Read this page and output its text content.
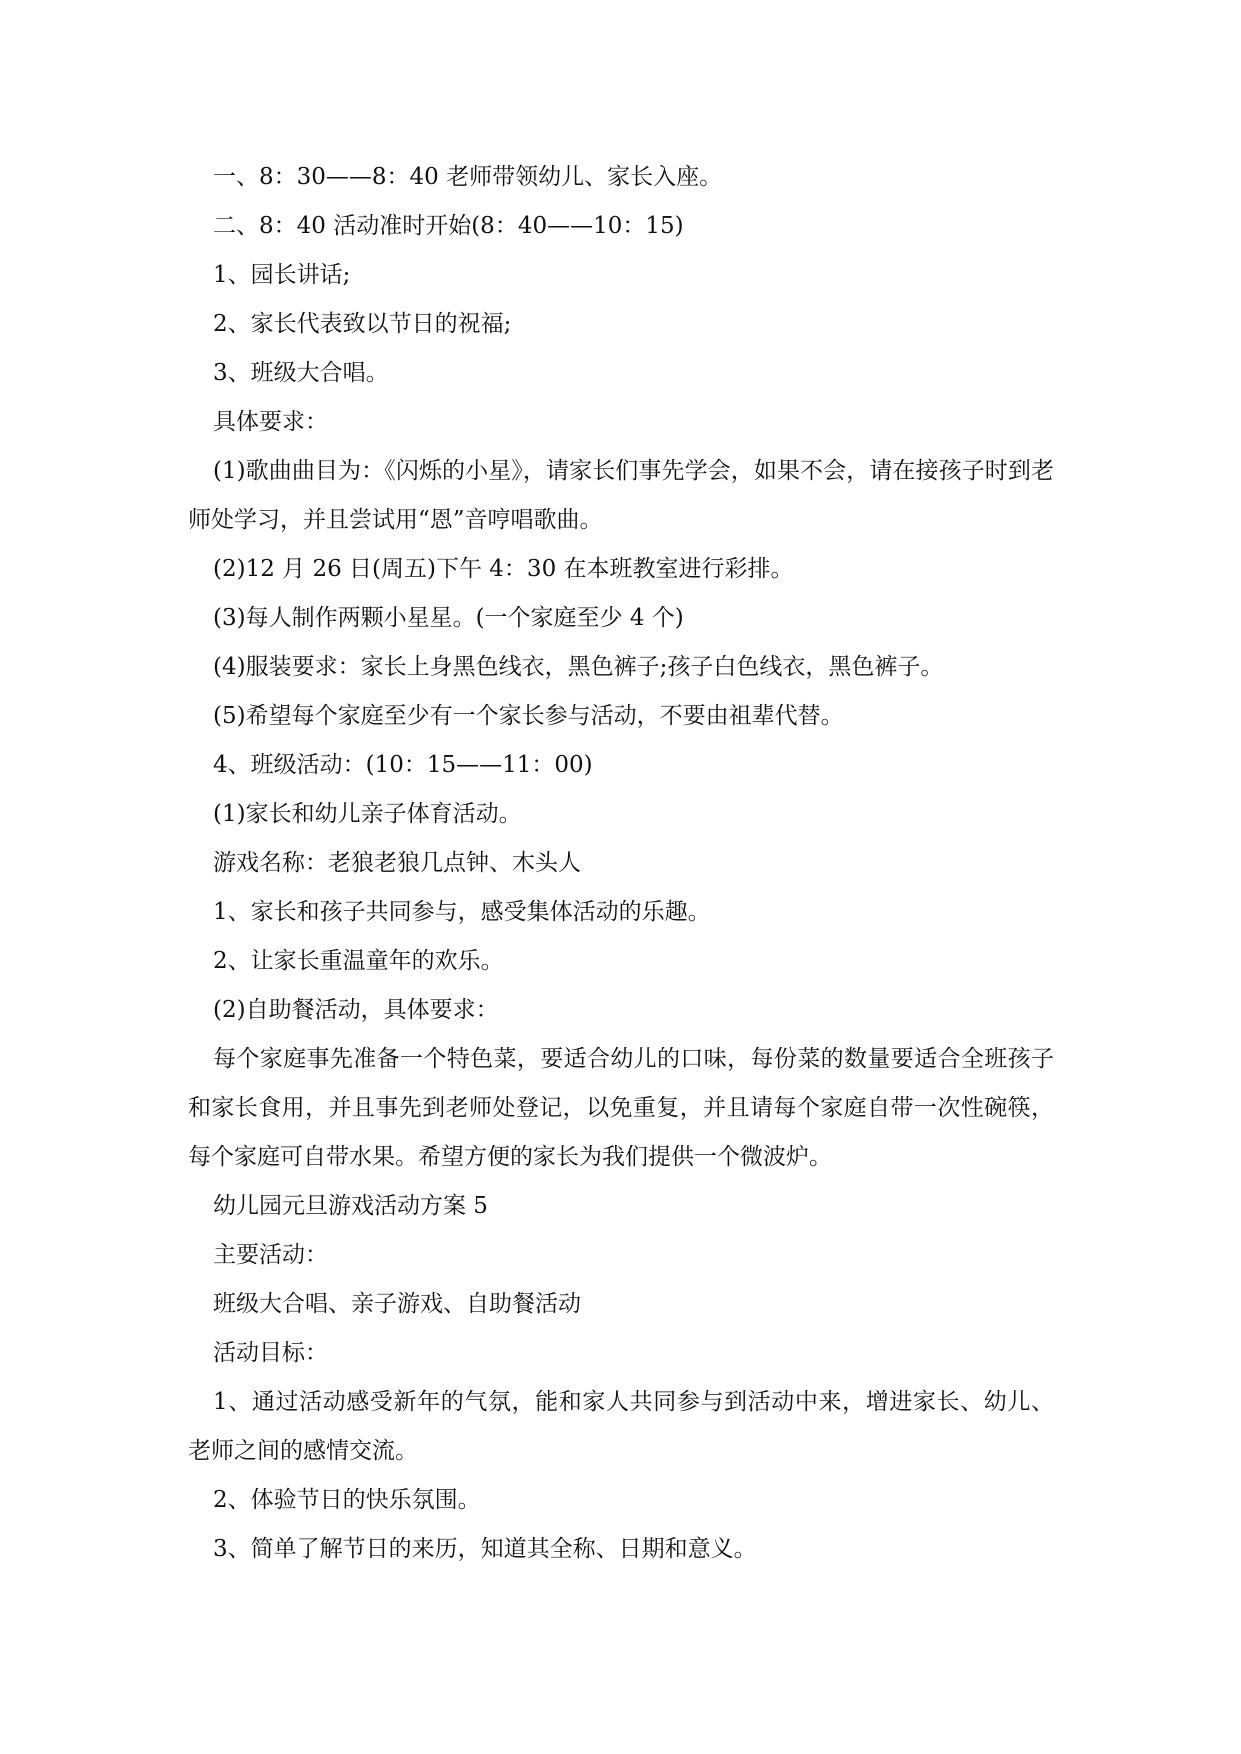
一、8：30——8：40 老师带领幼儿、家长入座。

二、8：40 活动准时开始(8：40——10：15)

1、园长讲话;

2、家长代表致以节日的祝福;

3、班级大合唱。

具体要求：

(1)歌曲曲目为：《闪烁的小星》，请家长们事先学会，如果不会，请在接孩子时到老师处学习，并且尝试用“恩”音哼唱歌曲。

(2)12 月 26 日(周五)下午 4：30 在本班教室进行彩排。

(3)每人制作两颗小星星。(一个家庭至少 4 个)

(4)服装要求：家长上身黑色线衣，黑色裤子;孩子白色线衣，黑色裤子。

(5)希望每个家庭至少有一个家长参与活动，不要由祖辈代替。

4、班级活动：(10：15——11：00)

(1)家长和幼儿亲子体育活动。

游戏名称：老狼老狼几点钟、木头人

1、家长和孩子共同参与，感受集体活动的乐趣。

2、让家长重温童年的欢乐。

(2)自助餐活动，具体要求：

每个家庭事先准备一个特色菜，要适合幼儿的口味，每份菜的数量要适合全班孩子和家长食用，并且事先到老师处登记，以免重复，并且请每个家庭自带一次性碗筷，每个家庭可自带水果。希望方便的家长为我们提供一个微波炉。

幼儿园元旦游戏活动方案 5

主要活动：

班级大合唱、亲子游戏、自助餐活动

活动目标：

1、通过活动感受新年的气氛，能和家人共同参与到活动中来，增进家长、幼儿、老师之间的感情交流。

2、体验节日的快乐氛围。

3、简单了解节日的来历，知道其全称、日期和意义。
